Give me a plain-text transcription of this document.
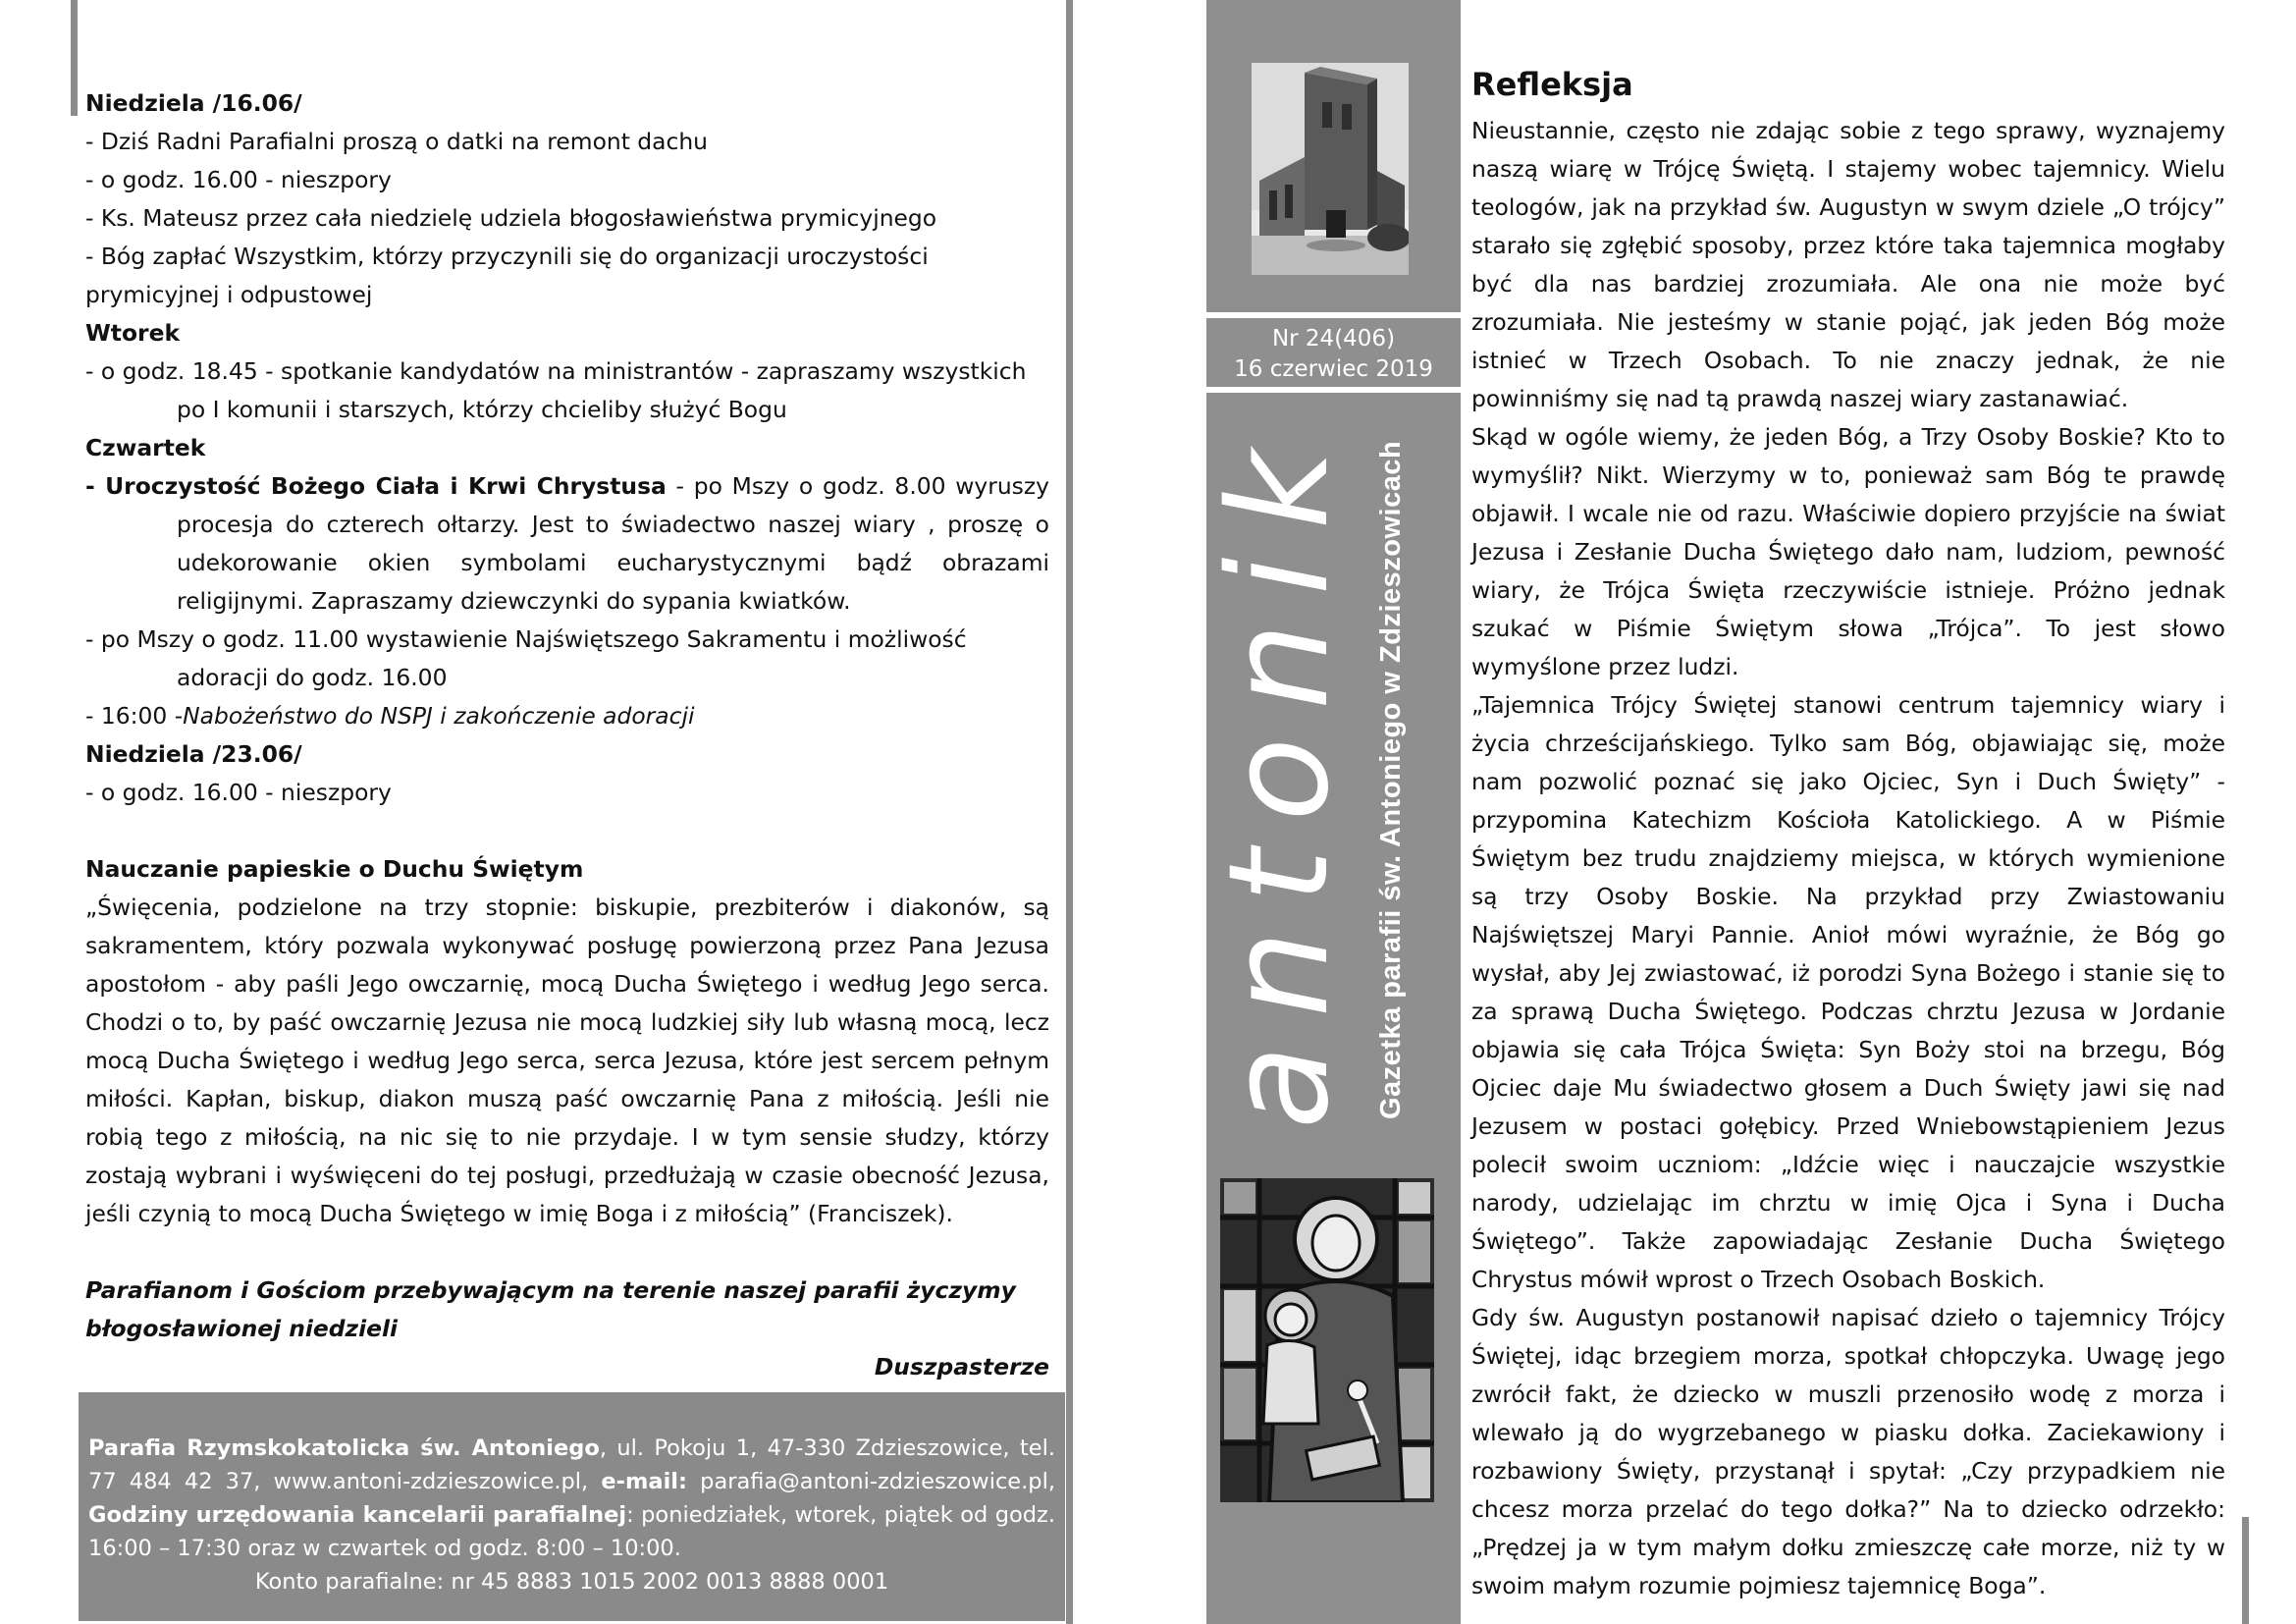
Niedziela /16.06/

- Dziś Radni Parafialni proszą o datki na remont dachu

- o godz. 16.00 - nieszpory

- Ks. Mateusz przez cała niedzielę udziela błogosławieństwa prymicyjnego

- Bóg zapłać Wszystkim, którzy przyczynili się do organizacji uroczystości prymicyjnej i odpustowej

Wtorek

- o godz. 18.45 - spotkanie kandydatów na ministrantów - zapraszamy wszystkich po I komunii i starszych, którzy chcieliby służyć Bogu

Czwartek

- Uroczystość Bożego Ciała i Krwi Chrystusa - po Mszy o godz. 8.00 wyruszy procesja do czterech ołtarzy. Jest to świadectwo naszej wiary , proszę o udekorowanie okien symbolami eucharystycznymi bądź obrazami religijnymi. Zapraszamy dziewczynki do sypania kwiatków.

- po Mszy o godz. 11.00 wystawienie Najświętszego Sakramentu i możliwość adoracji do godz. 16.00

- 16:00 -Nabożeństwo do NSPJ i zakończenie adoracji

Niedziela /23.06/

- o godz. 16.00 - nieszpory

Nauczanie papieskie o Duchu Świętym

„Święcenia, podzielone na trzy stopnie: biskupie, prezbiterów i diakonów, są sakramentem, który pozwala wykonywać posługę powierzoną przez Pana Jezusa apostołom - aby paśli Jego owczarnię, mocą Ducha Świętego i według Jego serca. Chodzi o to, by paść owczarnię Jezusa nie mocą ludzkiej siły lub własną mocą, lecz mocą Ducha Świętego i według Jego serca, serca Jezusa, które jest sercem pełnym miłości. Kapłan, biskup, diakon muszą paść owczarnię Pana z miłością. Jeśli nie robią tego z miłością, na nic się to nie przydaje. I w tym sensie słudzy, którzy zostają wybrani i wyświęceni do tej posługi, przedłużają w czasie obecność Jezusa, jeśli czynią to mocą Ducha Świętego w imię Boga i z miłością” (Franciszek).

Parafianom i Gościom przebywającym na terenie naszej parafii życzymy błogosławionej niedzieli

Duszpasterze

Parafia Rzymskokatolicka św. Antoniego, ul. Pokoju 1, 47-330 Zdzieszowice, tel. 77 484 42 37, www.antoni-zdzieszowice.pl, e-mail: parafia@antoni-zdzieszowice.pl, Godziny urzędowania kancelarii parafialnej: poniedziałek, wtorek, piątek od godz. 16:00 – 17:30 oraz w czwartek od godz. 8:00 – 10:00.
Konto parafialne: nr 45 8883 1015 2002 0013 8888 0001
Nr 24(406)
16 czerwiec 2019
antonik Gazetka parafii św. Antoniego w Zdzieszowicach
Refleksja

Nieustannie, często nie zdając sobie z tego sprawy, wyznajemy naszą wiarę w Trójcę Świętą. I stajemy wobec tajemnicy. Wielu teologów, jak na przykład św. Augustyn w swym dziele „O trójcy” starało się zgłębić sposoby, przez które taka tajemnica mogłaby być dla nas bardziej zrozumiała. Ale ona nie może być zrozumiała. Nie jesteśmy w stanie pojąć, jak jeden Bóg może istnieć w Trzech Osobach. To nie znaczy jednak, że nie powinniśmy się nad tą prawdą naszej wiary zastanawiać.

Skąd w ogóle wiemy, że jeden Bóg, a Trzy Osoby Boskie? Kto to wymyślił? Nikt. Wierzymy w to, ponieważ sam Bóg te prawdę objawił. I wcale nie od razu. Właściwie dopiero przyjście na świat Jezusa i Zesłanie Ducha Świętego dało nam, ludziom, pewność wiary, że Trójca Święta rzeczywiście istnieje. Próżno jednak szukać w Piśmie Świętym słowa „Trójca”. To jest słowo wymyślone przez ludzi.

„Tajemnica Trójcy Świętej stanowi centrum tajemnicy wiary i życia chrześcijańskiego. Tylko sam Bóg, objawiając się, może nam pozwolić poznać się jako Ojciec, Syn i Duch Święty” - przypomina Katechizm Kościoła Katolickiego. A w Piśmie Świętym bez trudu znajdziemy miejsca, w których wymienione są trzy Osoby Boskie. Na przykład przy Zwiastowaniu Najświętszej Maryi Pannie. Anioł mówi wyraźnie, że Bóg go wysłał, aby Jej zwiastować, iż porodzi Syna Bożego i stanie się to za sprawą Ducha Świętego. Podczas chrztu Jezusa w Jordanie objawia się cała Trójca Święta: Syn Boży stoi na brzegu, Bóg Ojciec daje Mu świadectwo głosem a Duch Święty jawi się nad Jezusem w postaci gołębicy. Przed Wniebowstąpieniem Jezus polecił swoim uczniom: „Idźcie więc i nauczajcie wszystkie narody, udzielając im chrztu w imię Ojca i Syna i Ducha Świętego”. Także zapowiadając Zesłanie Ducha Świętego Chrystus mówił wprost o Trzech Osobach Boskich.

Gdy św. Augustyn postanowił napisać dzieło o tajemnicy Trójcy Świętej, idąc brzegiem morza, spotkał chłopczyka. Uwagę jego zwrócił fakt, że dziecko w muszli przenosiło wodę z morza i wlewało ją do wygrzebanego w piasku dołka. Zaciekawiony i rozbawiony Święty, przystanął i spytał: „Czy przypadkiem nie chcesz morza przelać do tego dołka?” Na to dziecko odrzekło: „Prędzej ja w tym małym dołku zmieszczę całe morze, niż ty w swoim małym rozumie pojmiesz tajemnicę Boga”.
